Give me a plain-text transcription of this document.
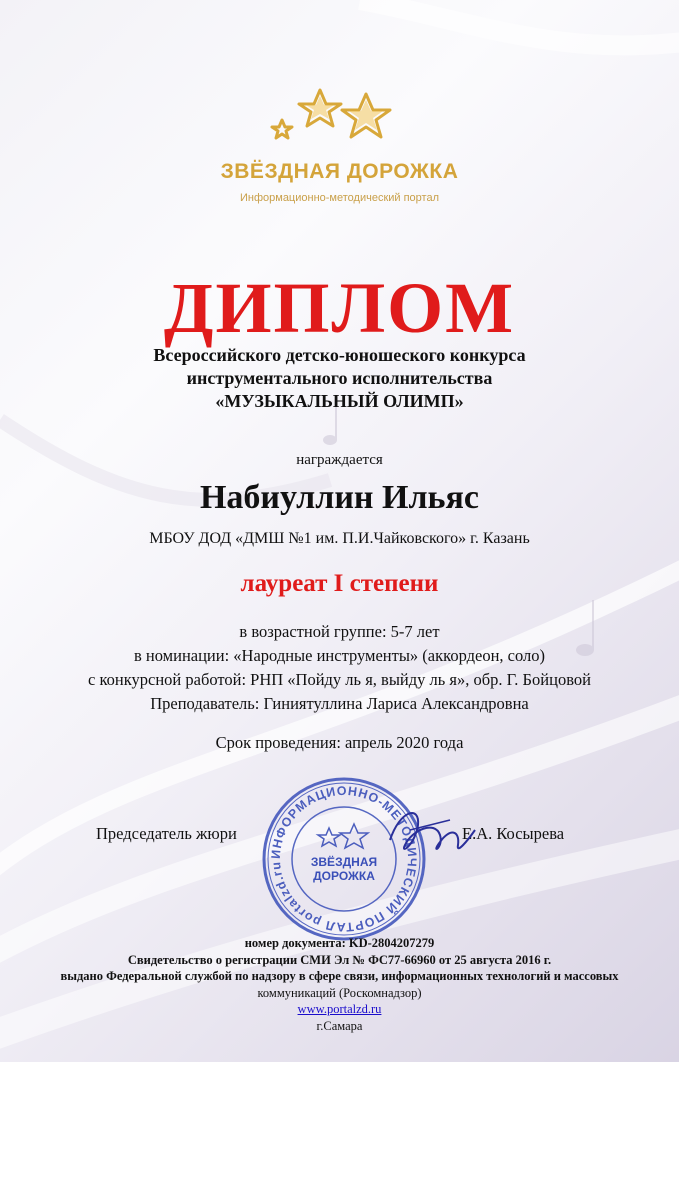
ЗВЁЗДНАЯ ДОРОЖКА
Информационно-методический портал
ДИПЛОМ
Всероссийского детско-юношеского конкурса
инструментального исполнительства
«МУЗЫКАЛЬНЫЙ ОЛИМП»
награждается
Набиуллин Ильяс
МБОУ ДОД «ДМШ №1 им. П.И.Чайковского» г. Казань
лауреат I степени
в возрастной группе: 5-7 лет
в номинации: «Народные инструменты» (аккордеон, соло)
с конкурсной работой: РНП «Пойду ль я, выйду ль я», обр. Г. Бойцовой
Преподаватель: Гиниятуллина Лариса Александровна
Срок проведения: апрель 2020 года
Председатель жюри	Е.А. Косырева
ИНФОРМАЦИОННО-МЕТОДИЧЕСКИЙ ПОРТАЛ portalzd.ru	ЗВЁЗДНАЯ
ДОРОЖКА
номер документа: KD-2804207279
Свидетельство о регистрации СМИ Эл № ФС77-66960 от 25 августа 2016 г.
выдано Федеральной службой по надзору в сфере связи, информационных технологий и массовых
коммуникаций (Роскомнадзор)
www.portalzd.ru
г.Самара
